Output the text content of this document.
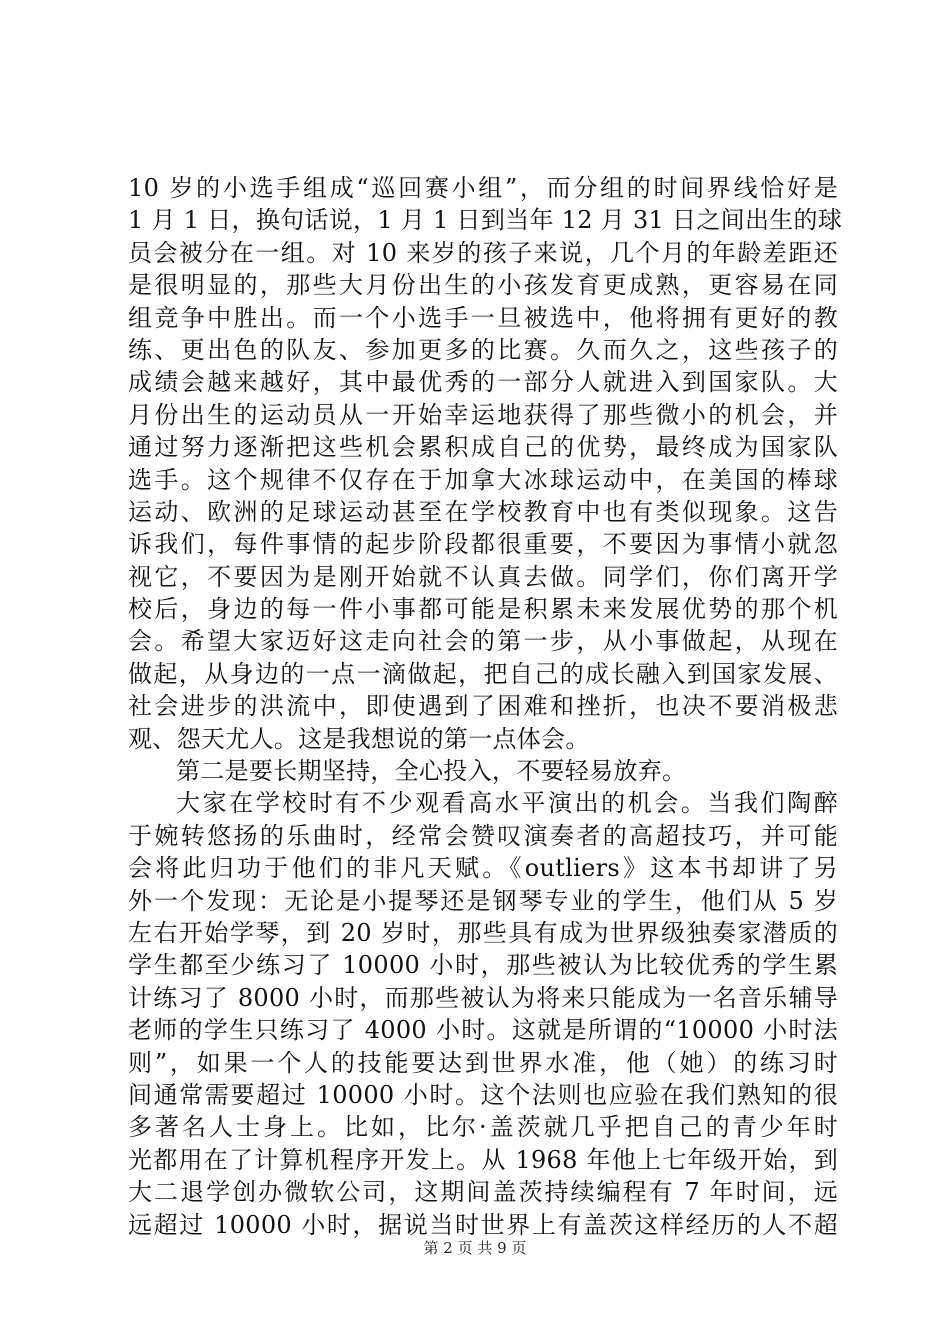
10 岁的小选手组成“巡回赛小组”，而分组的时间界线恰好是
1 月 1 日，换句话说，1 月 1 日到当年 12 月 31 日之间出生的球
员会被分在一组。对 10 来岁的孩子来说，几个月的年龄差距还
是很明显的，那些大月份出生的小孩发育更成熟，更容易在同
组竞争中胜出。而一个小选手一旦被选中，他将拥有更好的教
练、更出色的队友、参加更多的比赛。久而久之，这些孩子的
成绩会越来越好，其中最优秀的一部分人就进入到国家队。大
月份出生的运动员从一开始幸运地获得了那些微小的机会，并
通过努力逐渐把这些机会累积成自己的优势，最终成为国家队
选手。这个规律不仅存在于加拿大冰球运动中，在美国的棒球
运动、欧洲的足球运动甚至在学校教育中也有类似现象。这告
诉我们，每件事情的起步阶段都很重要，不要因为事情小就忽
视它，不要因为是刚开始就不认真去做。同学们，你们离开学
校后，身边的每一件小事都可能是积累未来发展优势的那个机
会。希望大家迈好这走向社会的第一步，从小事做起，从现在
做起，从身边的一点一滴做起，把自己的成长融入到国家发展、
社会进步的洪流中，即使遇到了困难和挫折，也决不要消极悲
观、怨天尤人。这是我想说的第一点体会。
第二是要长期坚持，全心投入，不要轻易放弃。
大家在学校时有不少观看高水平演出的机会。当我们陶醉
于婉转悠扬的乐曲时，经常会赞叹演奏者的高超技巧，并可能
会将此归功于他们的非凡天赋。《outliers》这本书却讲了另
外一个发现：无论是小提琴还是钢琴专业的学生，他们从 5 岁
左右开始学琴，到 20 岁时，那些具有成为世界级独奏家潜质的
学生都至少练习了 10000 小时，那些被认为比较优秀的学生累
计练习了 8000 小时，而那些被认为将来只能成为一名音乐辅导
老师的学生只练习了 4000 小时。这就是所谓的“10000 小时法
则”，如果一个人的技能要达到世界水准，他（她）的练习时
间通常需要超过 10000 小时。这个法则也应验在我们熟知的很
多著名人士身上。比如，比尔·盖茨就几乎把自己的青少年时
光都用在了计算机程序开发上。从 1968 年他上七年级开始，到
大二退学创办微软公司，这期间盖茨持续编程有 7 年时间，远
远超过 10000 小时，据说当时世界上有盖茨这样经历的人不超
第 2 页 共 9 页
